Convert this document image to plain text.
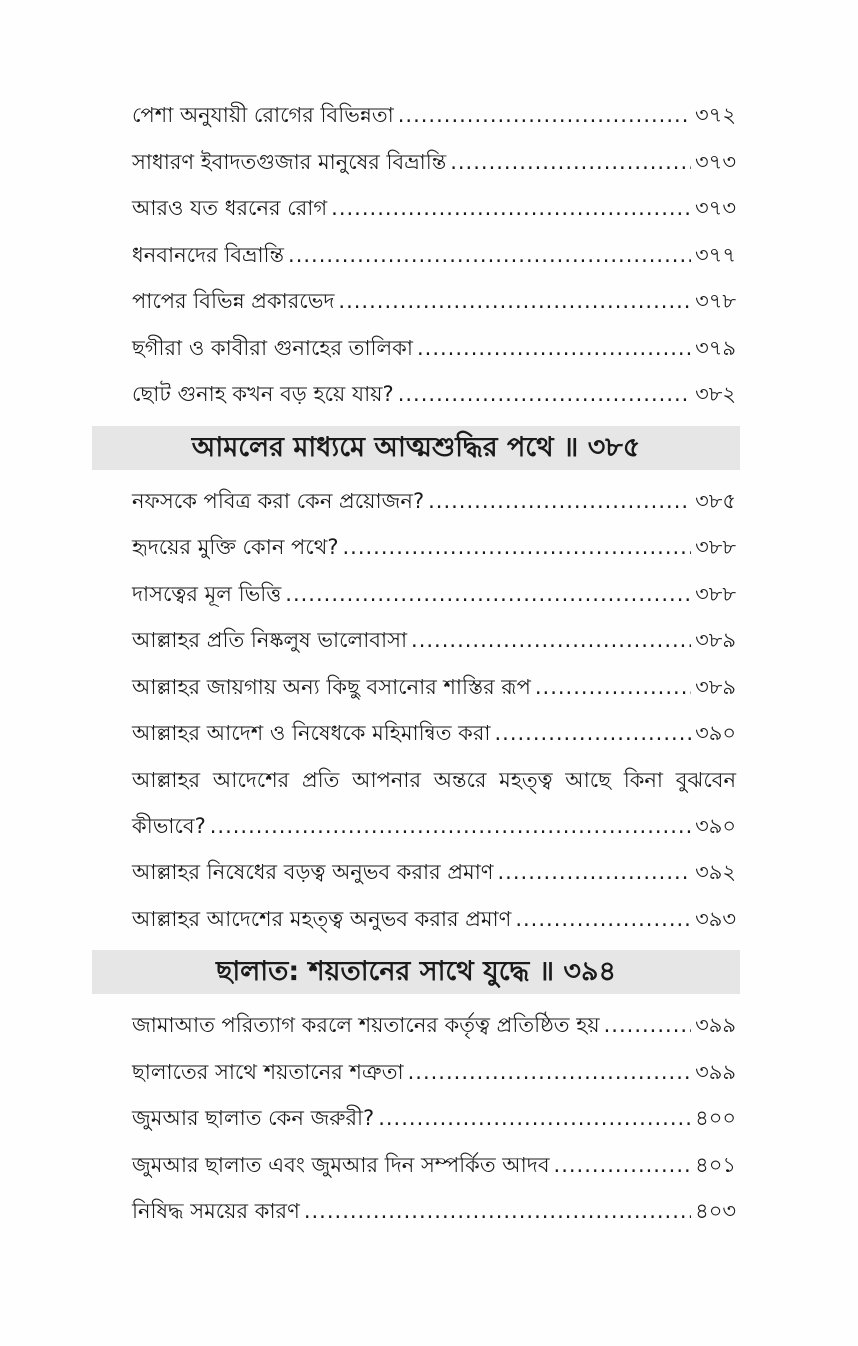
পেশা অনুযায়ী রোগের বিভিন্নতা .....	৩৭২
সাধারণ ইবাদতগুজার মানুষের বিভ্রান্তি .....	৩৭৩
আরও যত ধরনের রোগ .....	৩৭৩
ধনবানদের বিভ্রান্তি .....	৩৭৭
পাপের বিভিন্ন প্রকারভেদ .....	৩৭৮
ছগীরা ও কাবীরা গুনাহের তালিকা .....	৩৭৯
ছোট গুনাহ কখন বড় হয়ে যায়? .....	৩৮২
আমলের মাধ্যমে আত্মশুদ্ধির পথে ॥ ৩৮৫
নফসকে পবিত্র করা কেন প্রয়োজন? .....	৩৮৫
হৃদয়ের মুক্তি কোন পথে? .....	৩৮৮
দাসত্বের মূল ভিত্তি .....	৩৮৮
আল্লাহর প্রতি নিষ্কলুষ ভালোবাসা .....	৩৮৯
আল্লাহর জায়গায় অন্য কিছু বসানোর শাস্তির রূপ .....	৩৮৯
আল্লাহর আদেশ ও নিষেধকে মহিমান্বিত করা .....	৩৯০
আল্লাহর আদেশের প্রতি আপনার অন্তরে মহত্ত্ব আছে কিনা বুঝবেন
কীভাবে? .....	৩৯০
আল্লাহর নিষেধের বড়ত্ব অনুভব করার প্রমাণ .....	৩৯২
আল্লাহর আদেশের মহত্ত্ব অনুভব করার প্রমাণ .....	৩৯৩
ছালাত: শয়তানের সাথে যুদ্ধে ॥ ৩৯৪
জামাআত পরিত্যাগ করলে শয়তানের কর্তৃত্ব প্রতিষ্ঠিত হয় .....	৩৯৯
ছালাতের সাথে শয়তানের শত্রুতা .....	৩৯৯
জুমআর ছালাত কেন জরুরী? .....	৪০০
জুমআর ছালাত এবং জুমআর দিন সম্পর্কিত আদব .....	৪০১
নিষিদ্ধ সময়ের কারণ .....	৪০৩
